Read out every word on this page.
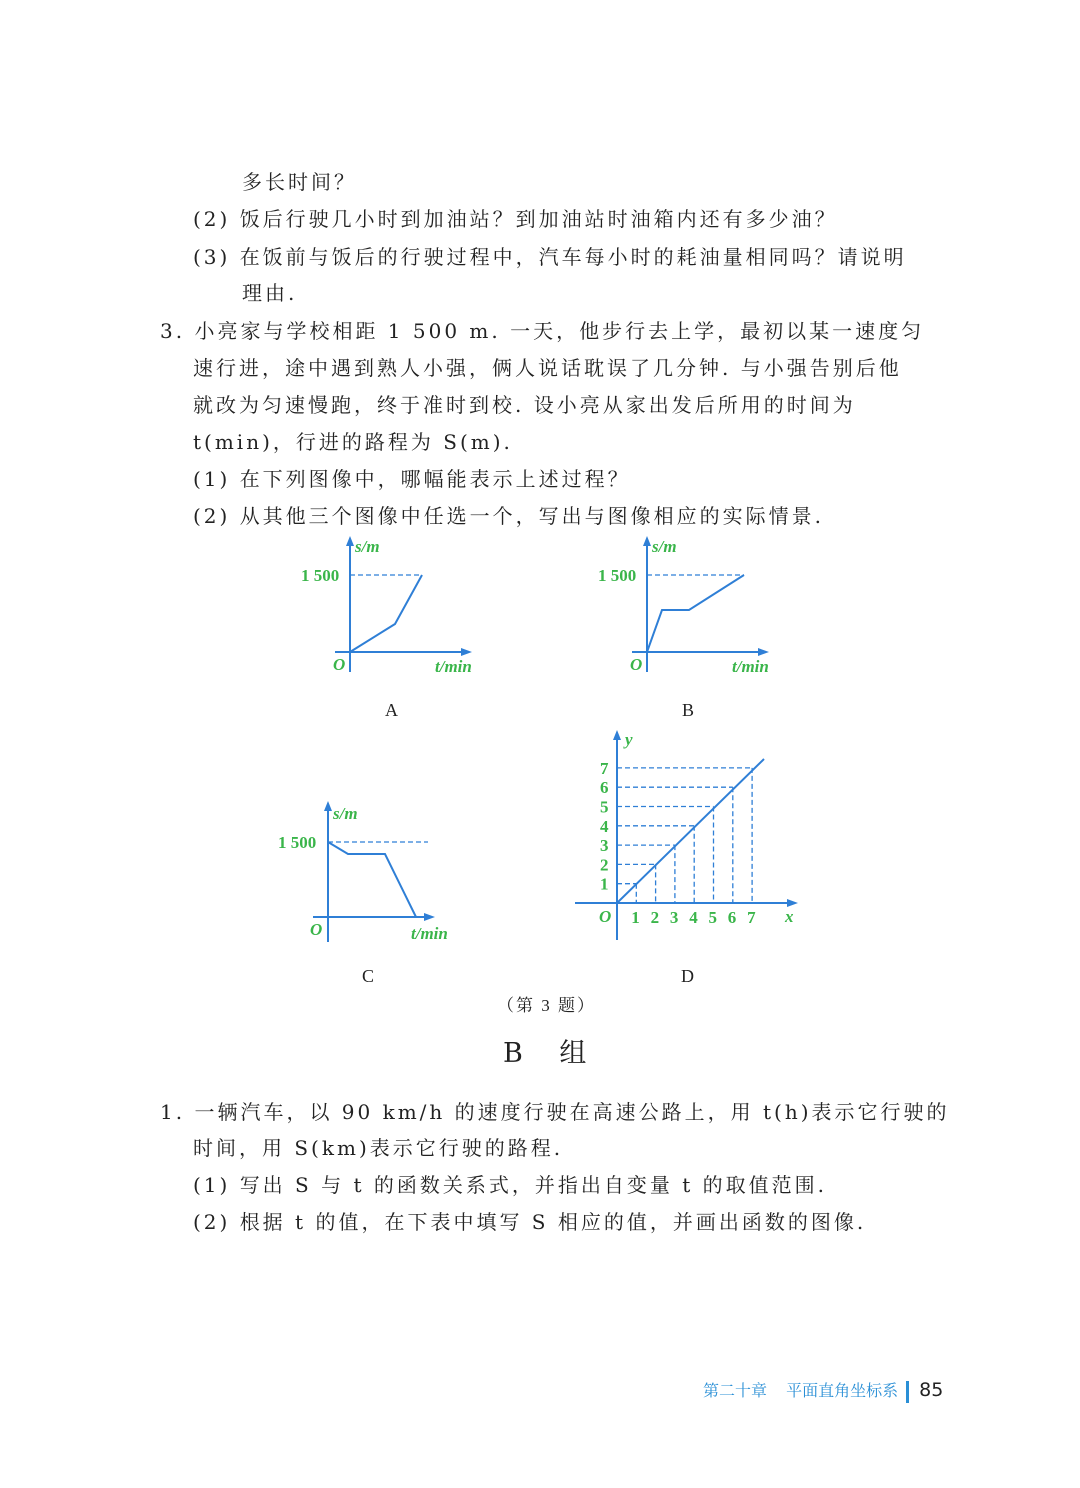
多长时间？
(2) 饭后行驶几小时到加油站？到加油站时油箱内还有多少油？
(3) 在饭前与饭后的行驶过程中，汽车每小时的耗油量相同吗？请说明
理由.
3. 小亮家与学校相距 1 500 m. 一天，他步行去上学，最初以某一速度匀
速行进，途中遇到熟人小强，俩人说话耽误了几分钟. 与小强告别后他
就改为匀速慢跑，终于准时到校. 设小亮从家出发后所用的时间为
t(min)，行进的路程为 S(m).
(1) 在下列图像中，哪幅能表示上述过程？
(2) 从其他三个图像中任选一个，写出与图像相应的实际情景.
s/m
1 500
O	t/min
A
s/m
1 500
O	t/min
B
s/m
1 500
O	t/min
C
y
x
O 1
1
2
2
3
3
4
4
5
5
6
6
7
7
D
（第 3 题）
B 组
1. 一辆汽车，以 90 km/h 的速度行驶在高速公路上，用 t(h)表示它行驶的
时间，用 S(km)表示它行驶的路程.
(1) 写出 S 与 t 的函数关系式，并指出自变量 t 的取值范围.
(2) 根据 t 的值，在下表中填写 S 相应的值，并画出函数的图像.
第二十章 平面直角坐标系 85
